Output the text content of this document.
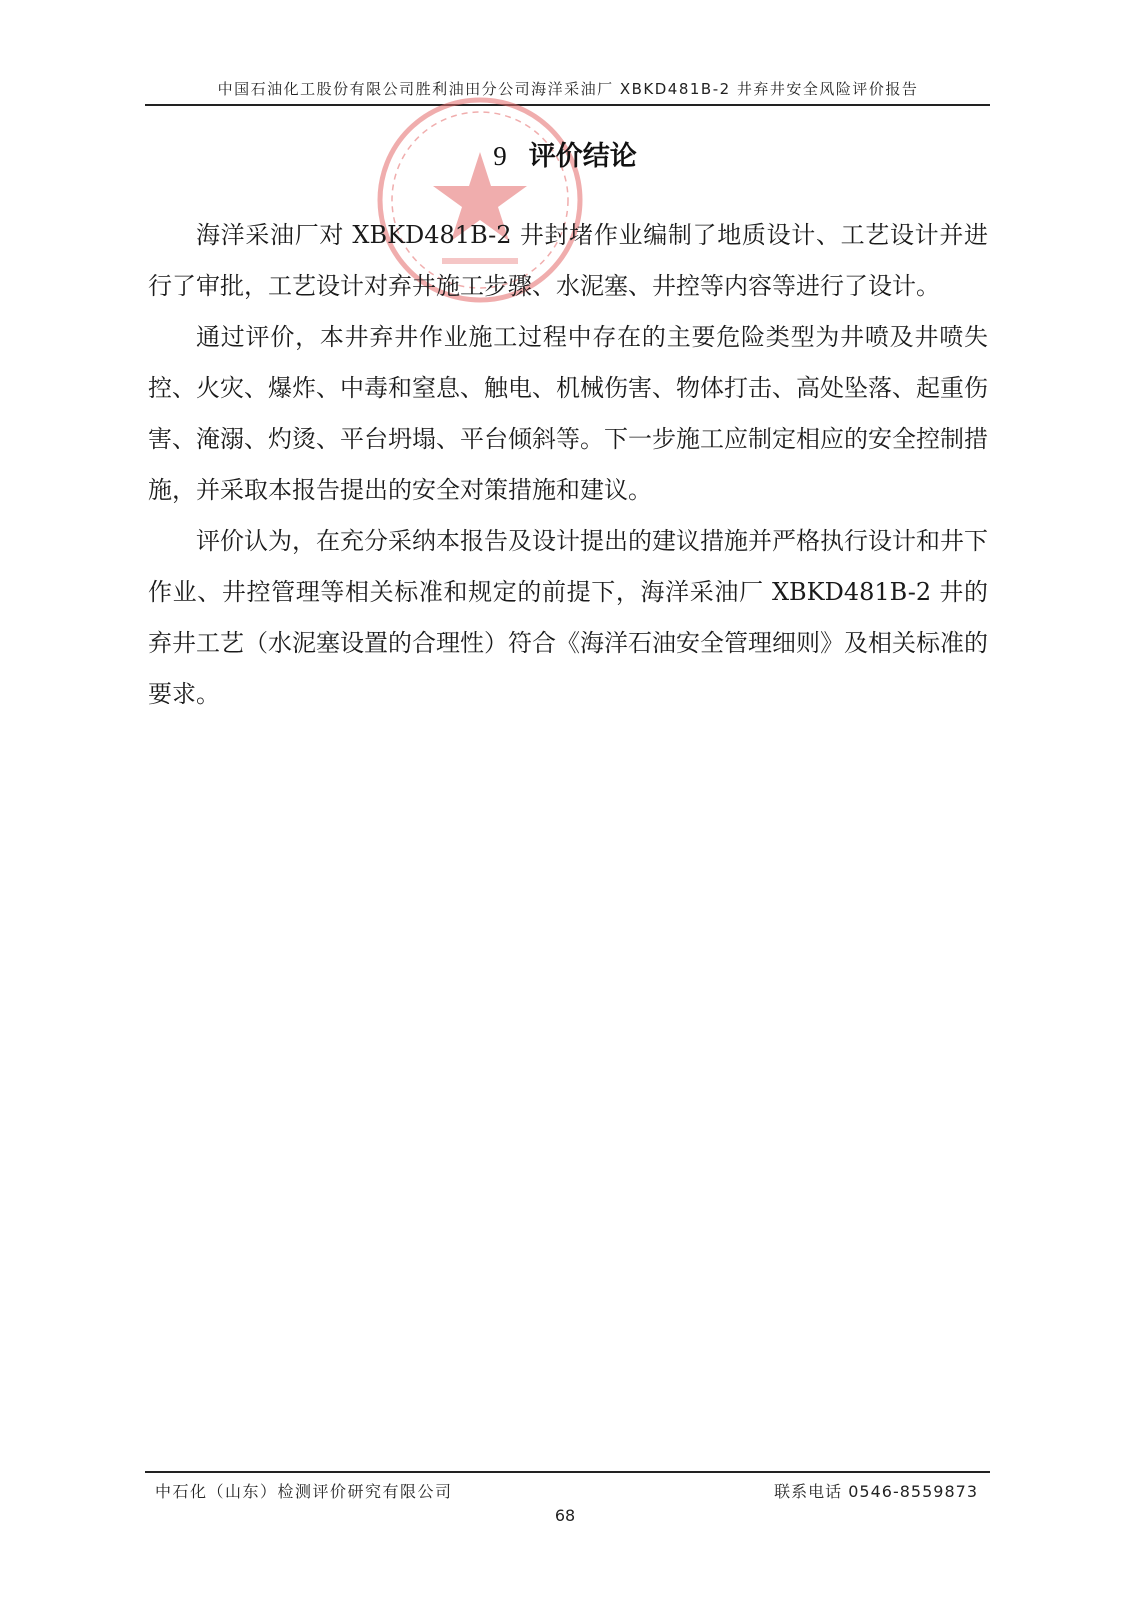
中国石油化工股份有限公司胜利油田分公司海洋采油厂 XBKD481B-2 井弃井安全风险评价报告
9 评价结论

海洋采油厂对 XBKD481B-2 井封堵作业编制了地质设计、工艺设计并进行了审批，工艺设计对弃井施工步骤、水泥塞、井控等内容等进行了设计。

通过评价，本井弃井作业施工过程中存在的主要危险类型为井喷及井喷失控、火灾、爆炸、中毒和窒息、触电、机械伤害、物体打击、高处坠落、起重伤害、淹溺、灼烫、平台坍塌、平台倾斜等。下一步施工应制定相应的安全控制措施，并采取本报告提出的安全对策措施和建议。

评价认为，在充分采纳本报告及设计提出的建议措施并严格执行设计和井下作业、井控管理等相关标准和规定的前提下，海洋采油厂 XBKD481B-2 井的弃井工艺（水泥塞设置的合理性）符合《海洋石油安全管理细则》及相关标准的要求。

中石化（山东）检测评价研究有限公司	联系电话 0546-8559873
68
